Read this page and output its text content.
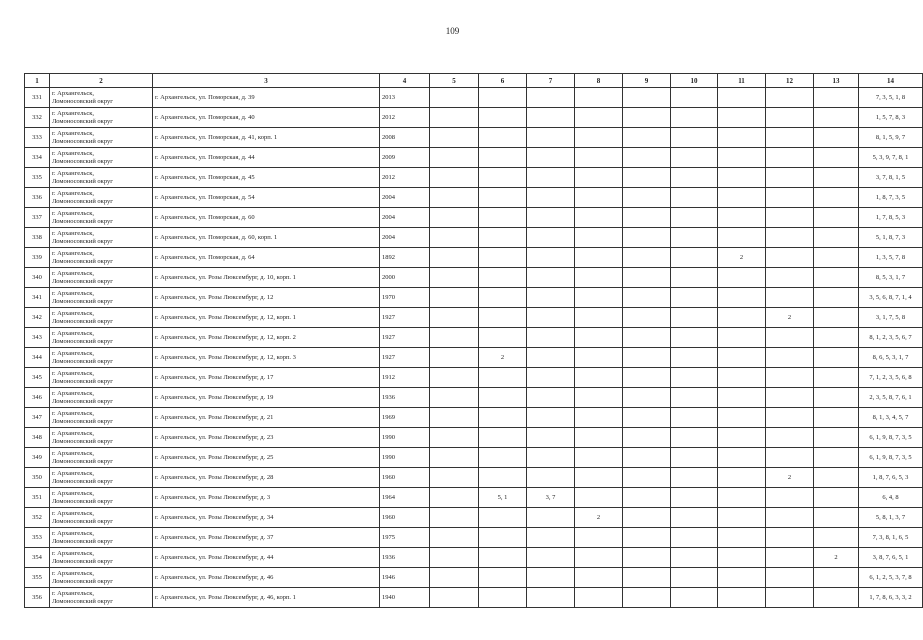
109
1	2	3	4	5	6	7	8	9	10	11	12	13	14
331	г. Архангельск,
Ломоносовский округ	г. Архангельск, ул. Поморская, д. 39	2013										7, 3, 5, 1, 8
332	г. Архангельск,
Ломоносовский округ	г. Архангельск, ул. Поморская, д. 40	2012										1, 5, 7, 8, 3
333	г. Архангельск,
Ломоносовский округ	г. Архангельск, ул. Поморская, д. 41, корп. 1	2008										8, 1, 5, 9, 7
334	г. Архангельск,
Ломоносовский округ	г. Архангельск, ул. Поморская, д. 44	2009										5, 3, 9, 7, 8, 1
335	г. Архангельск,
Ломоносовский округ	г. Архангельск, ул. Поморская, д. 45	2012										3, 7, 8, 1, 5
336	г. Архангельск,
Ломоносовский округ	г. Архангельск, ул. Поморская, д. 54	2004										1, 8, 7, 3, 5
337	г. Архангельск,
Ломоносовский округ	г. Архангельск, ул. Поморская, д. 60	2004										1, 7, 8, 5, 3
338	г. Архангельск,
Ломоносовский округ	г. Архангельск, ул. Поморская, д. 60, корп. 1	2004										5, 1, 8, 7, 3
339	г. Архангельск,
Ломоносовский округ	г. Архангельск, ул. Поморская, д. 64	1892							2			1, 3, 5, 7, 8
340	г. Архангельск,
Ломоносовский округ	г. Архангельск, ул. Розы Люксембург, д. 10, корп. 1	2000										8, 5, 3, 1, 7
341	г. Архангельск,
Ломоносовский округ	г. Архангельск, ул. Розы Люксембург, д. 12	1970										3, 5, 6, 8, 7, 1, 4
342	г. Архангельск,
Ломоносовский округ	г. Архангельск, ул. Розы Люксембург, д. 12, корп. 1	1927								2		3, 1, 7, 5, 8
343	г. Архангельск,
Ломоносовский округ	г. Архангельск, ул. Розы Люксембург, д. 12, корп. 2	1927										8, 1, 2, 3, 5, 6, 7
344	г. Архангельск,
Ломоносовский округ	г. Архангельск, ул. Розы Люксембург, д. 12, корп. 3	1927		2								8, 6, 5, 3, 1, 7
345	г. Архангельск,
Ломоносовский округ	г. Архангельск, ул. Розы Люксембург, д. 17	1912										7, 1, 2, 3, 5, 6, 8
346	г. Архангельск,
Ломоносовский округ	г. Архангельск, ул. Розы Люксембург, д. 19	1936										2, 3, 5, 8, 7, 6, 1
347	г. Архангельск,
Ломоносовский округ	г. Архангельск, ул. Розы Люксембург, д. 21	1969										8, 1, 3, 4, 5, 7
348	г. Архангельск,
Ломоносовский округ	г. Архангельск, ул. Розы Люксембург, д. 23	1990										6, 1, 9, 8, 7, 3, 5
349	г. Архангельск,
Ломоносовский округ	г. Архангельск, ул. Розы Люксембург, д. 25	1990										6, 1, 9, 8, 7, 3, 5
350	г. Архангельск,
Ломоносовский округ	г. Архангельск, ул. Розы Люксембург, д. 28	1960								2		1, 8, 7, 6, 5, 3
351	г. Архангельск,
Ломоносовский округ	г. Архангельск, ул. Розы Люксембург, д. 3	1964		5, 1	3, 7							6, 4, 8
352	г. Архангельск,
Ломоносовский округ	г. Архангельск, ул. Розы Люксембург, д. 34	1960				2						5, 8, 1, 3, 7
353	г. Архангельск,
Ломоносовский округ	г. Архангельск, ул. Розы Люксембург, д. 37	1975										7, 3, 8, 1, 6, 5
354	г. Архангельск,
Ломоносовский округ	г. Архангельск, ул. Розы Люксембург, д. 44	1936									2	3, 8, 7, 6, 5, 1
355	г. Архангельск,
Ломоносовский округ	г. Архангельск, ул. Розы Люксембург, д. 46	1946										6, 1, 2, 5, 3, 7, 8
356	г. Архангельск,
Ломоносовский округ	г. Архангельск, ул. Розы Люксембург, д. 46, корп. 1	1940										1, 7, 8, 6, 3, 3, 2
